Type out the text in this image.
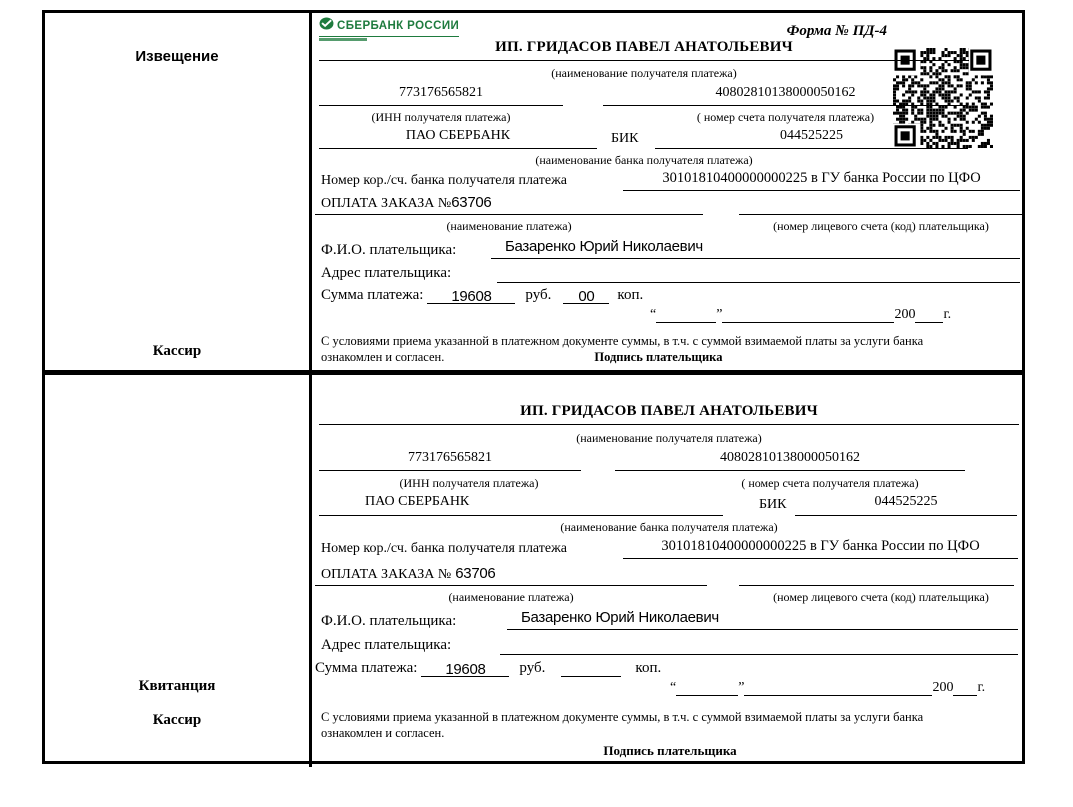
Извещение
Кассир
СБЕРБАНК РОССИИ	Форма № ПД-4
ИП. ГРИДАСОВ ПАВЕЛ АНАТОЛЬЕВИЧ
(наименование получателя платежа)
773176565821	40802810138000050162
(ИНН получателя платежа)	( номер счета получателя платежа)
ПАО СБЕРБАНК	БИК	044525225
(наименование банка получателя платежа)
Номер кор./сч. банка получателя платежа	30101810400000000225 в ГУ банка России по ЦФО
ОПЛАТА ЗАКАЗА №63706
(наименование платежа)	(номер лицевого счета (код) плательщика)
Ф.И.О. плательщика:	Базаренко Юрий Николаевич
Адрес плательщика:
Сумма платежа: 19608 руб. 00 коп.
“	”	200 г.
С условиями приема указанной в платежном документе суммы, в т.ч. с суммой взимаемой платы за услуги банка
ознакомлен и согласен.	Подпись плательщика
Квитанция
Кассир
ИП. ГРИДАСОВ ПАВЕЛ АНАТОЛЬЕВИЧ
(наименование получателя платежа)
773176565821	40802810138000050162
(ИНН получателя платежа)	( номер счета получателя платежа)
ПАО СБЕРБАНК	БИК	044525225
(наименование банка получателя платежа)
Номер кор./сч. банка получателя платежа	30101810400000000225 в ГУ банка России по ЦФО
ОПЛАТА ЗАКАЗА № 63706
(наименование платежа)	(номер лицевого счета (код) плательщика)
Ф.И.О. плательщика:	Базаренко Юрий Николаевич
Адрес плательщика:
Сумма платежа: 19608 руб.	коп.
“	”	200 г.
С условиями приема указанной в платежном документе суммы, в т.ч. с суммой взимаемой платы за услуги банка
ознакомлен и согласен.
Подпись плательщика
